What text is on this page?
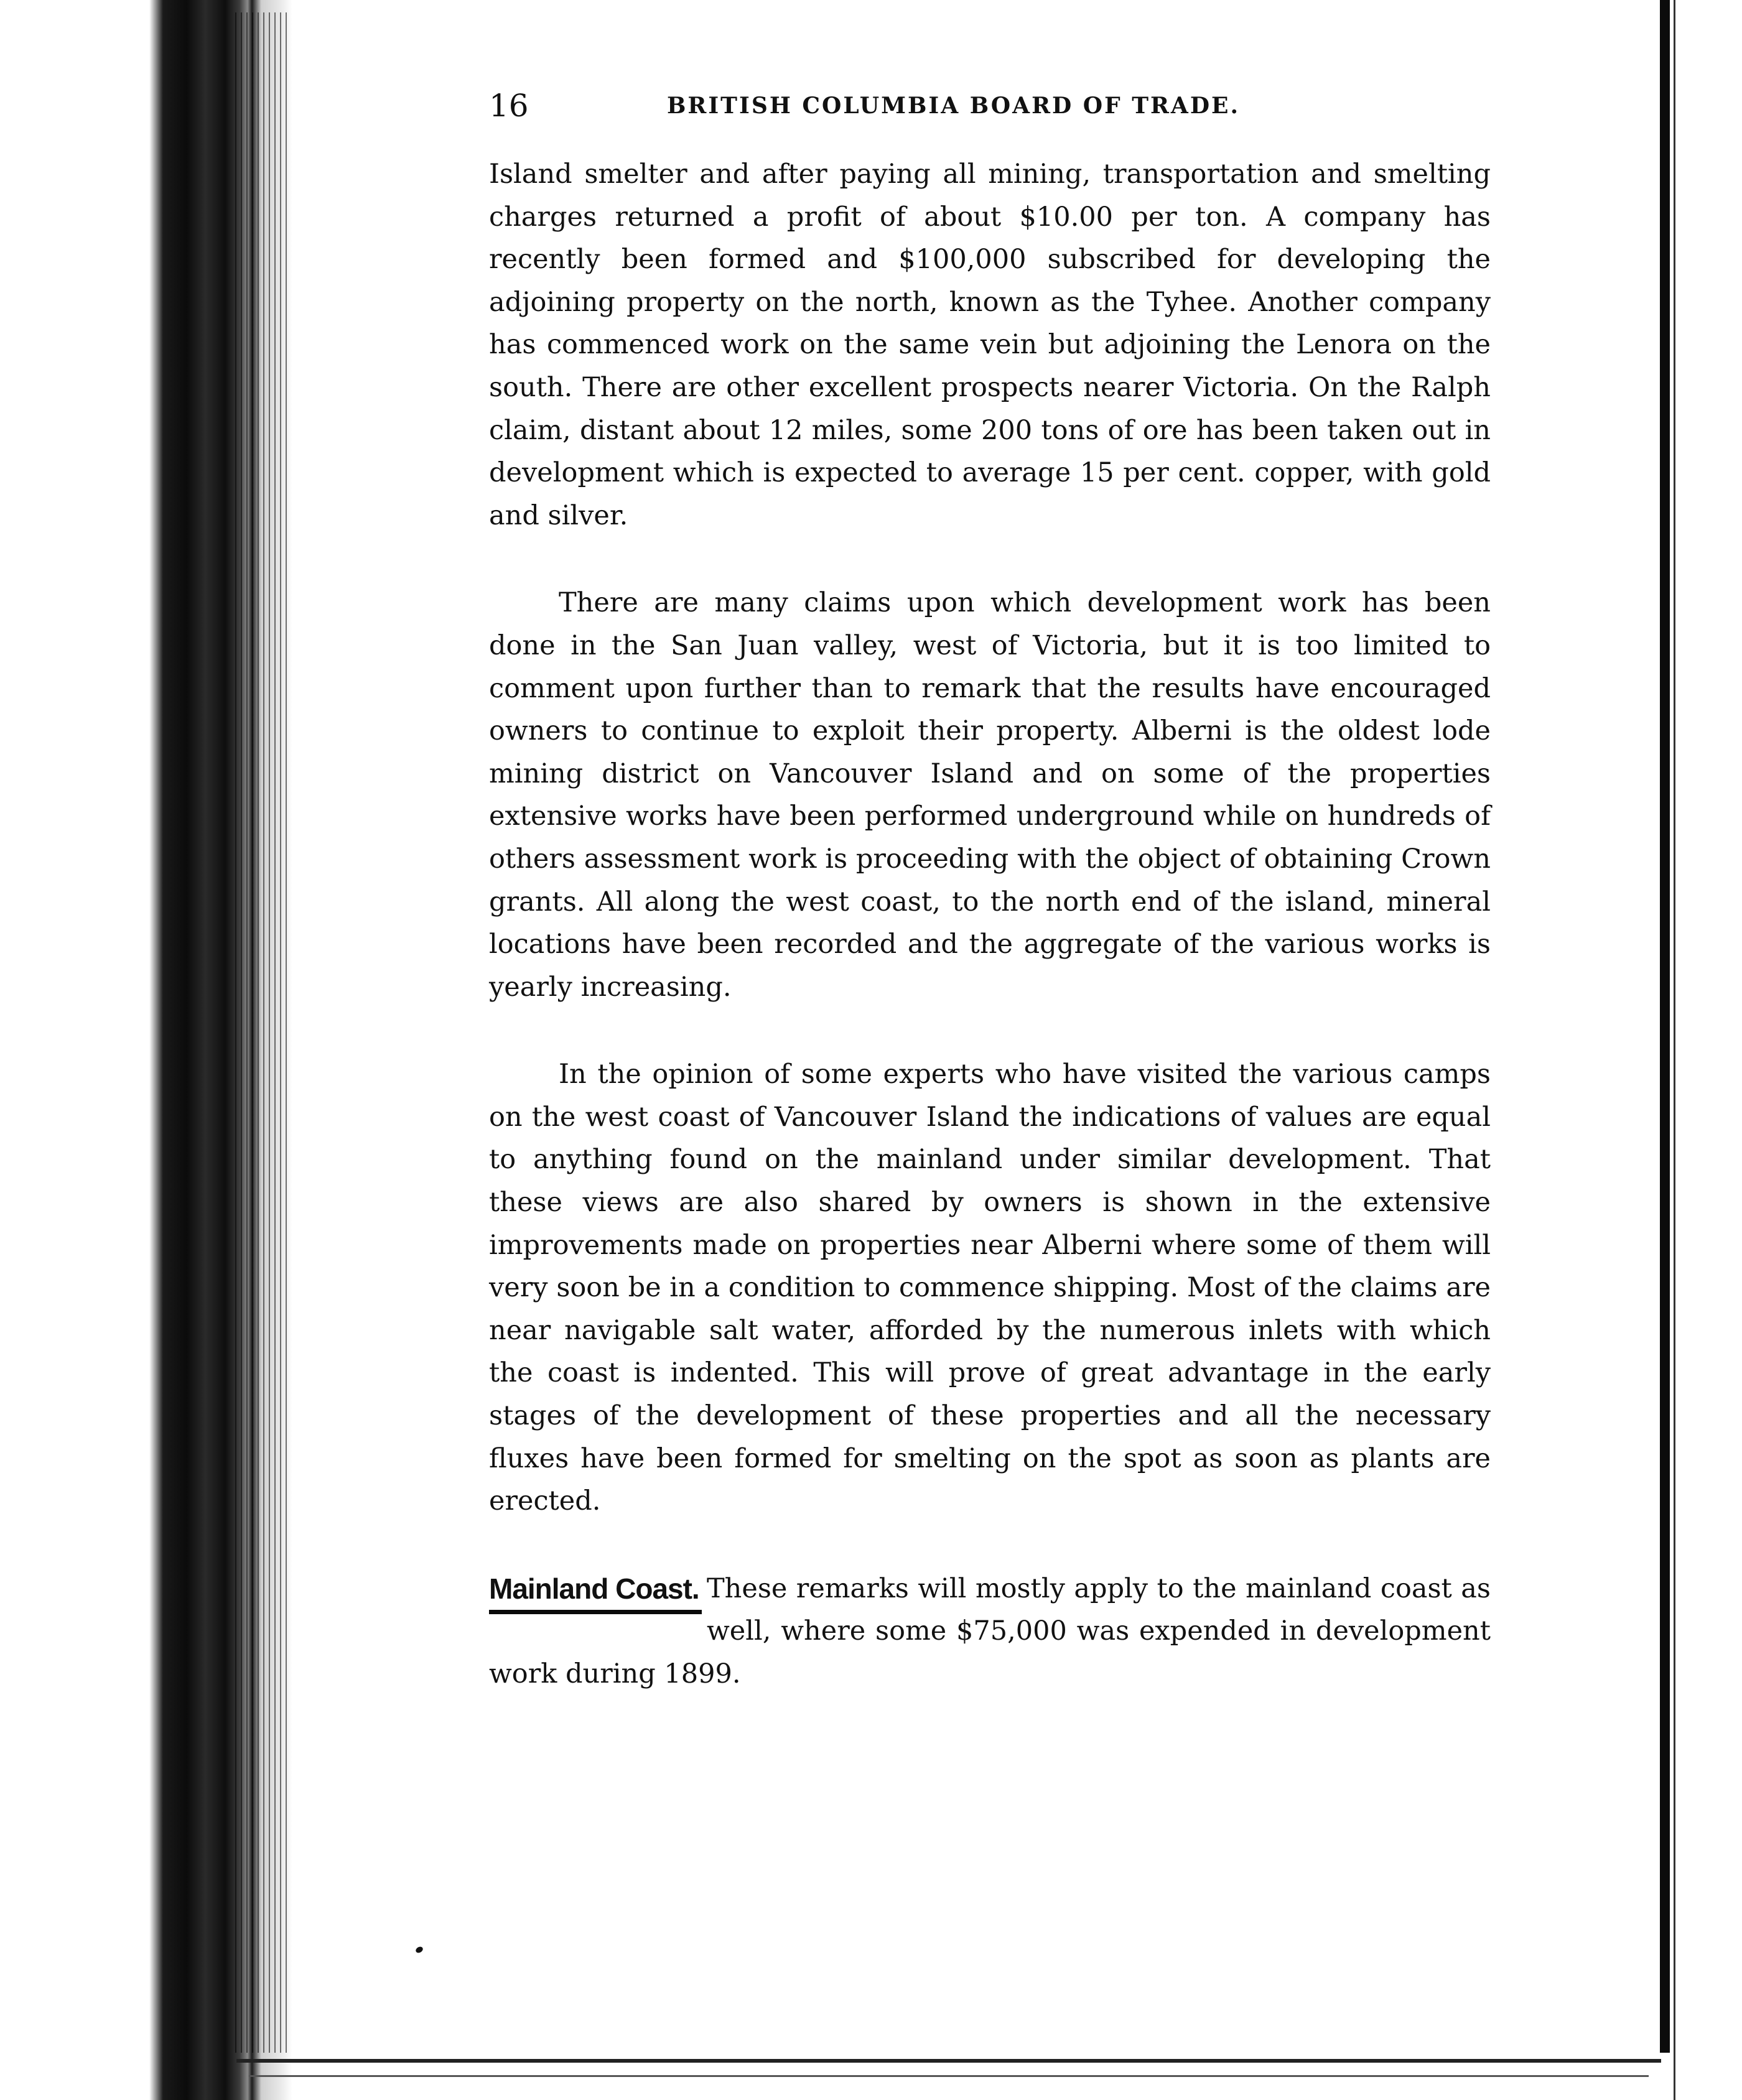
16	BRITISH COLUMBIA BOARD OF TRADE.

Island smelter and after paying all mining, transportation and smelting charges returned a profit of about $10.00 per ton. A company has recently been formed and $100,000 subscribed for developing the adjoining property on the north, known as the Tyhee. Another company has commenced work on the same vein but adjoining the Lenora on the south. There are other excellent prospects nearer Victoria. On the Ralph claim, distant about 12 miles, some 200 tons of ore has been taken out in development which is expected to average 15 per cent. copper, with gold and silver.

There are many claims upon which development work has been done in the San Juan valley, west of Victoria, but it is too limited to comment upon further than to remark that the results have encouraged owners to continue to exploit their property. Alberni is the oldest lode mining district on Vancouver Island and on some of the properties extensive works have been performed underground while on hundreds of others assessment work is proceeding with the object of obtaining Crown grants. All along the west coast, to the north end of the island, mineral locations have been recorded and the aggregate of the various works is yearly increasing.

In the opinion of some experts who have visited the various camps on the west coast of Vancouver Island the indications of values are equal to anything found on the mainland under similar development. That these views are also shared by owners is shown in the extensive improvements made on properties near Alberni where some of them will very soon be in a condition to commence shipping. Most of the claims are near navigable salt water, afforded by the numerous inlets with which the coast is indented. This will prove of great advantage in the early stages of the development of these properties and all the necessary fluxes have been formed for smelting on the spot as soon as plants are erected.

Mainland Coast. These remarks will mostly apply to the mainland coast as well, where some $75,000 was expended in development work during 1899.
